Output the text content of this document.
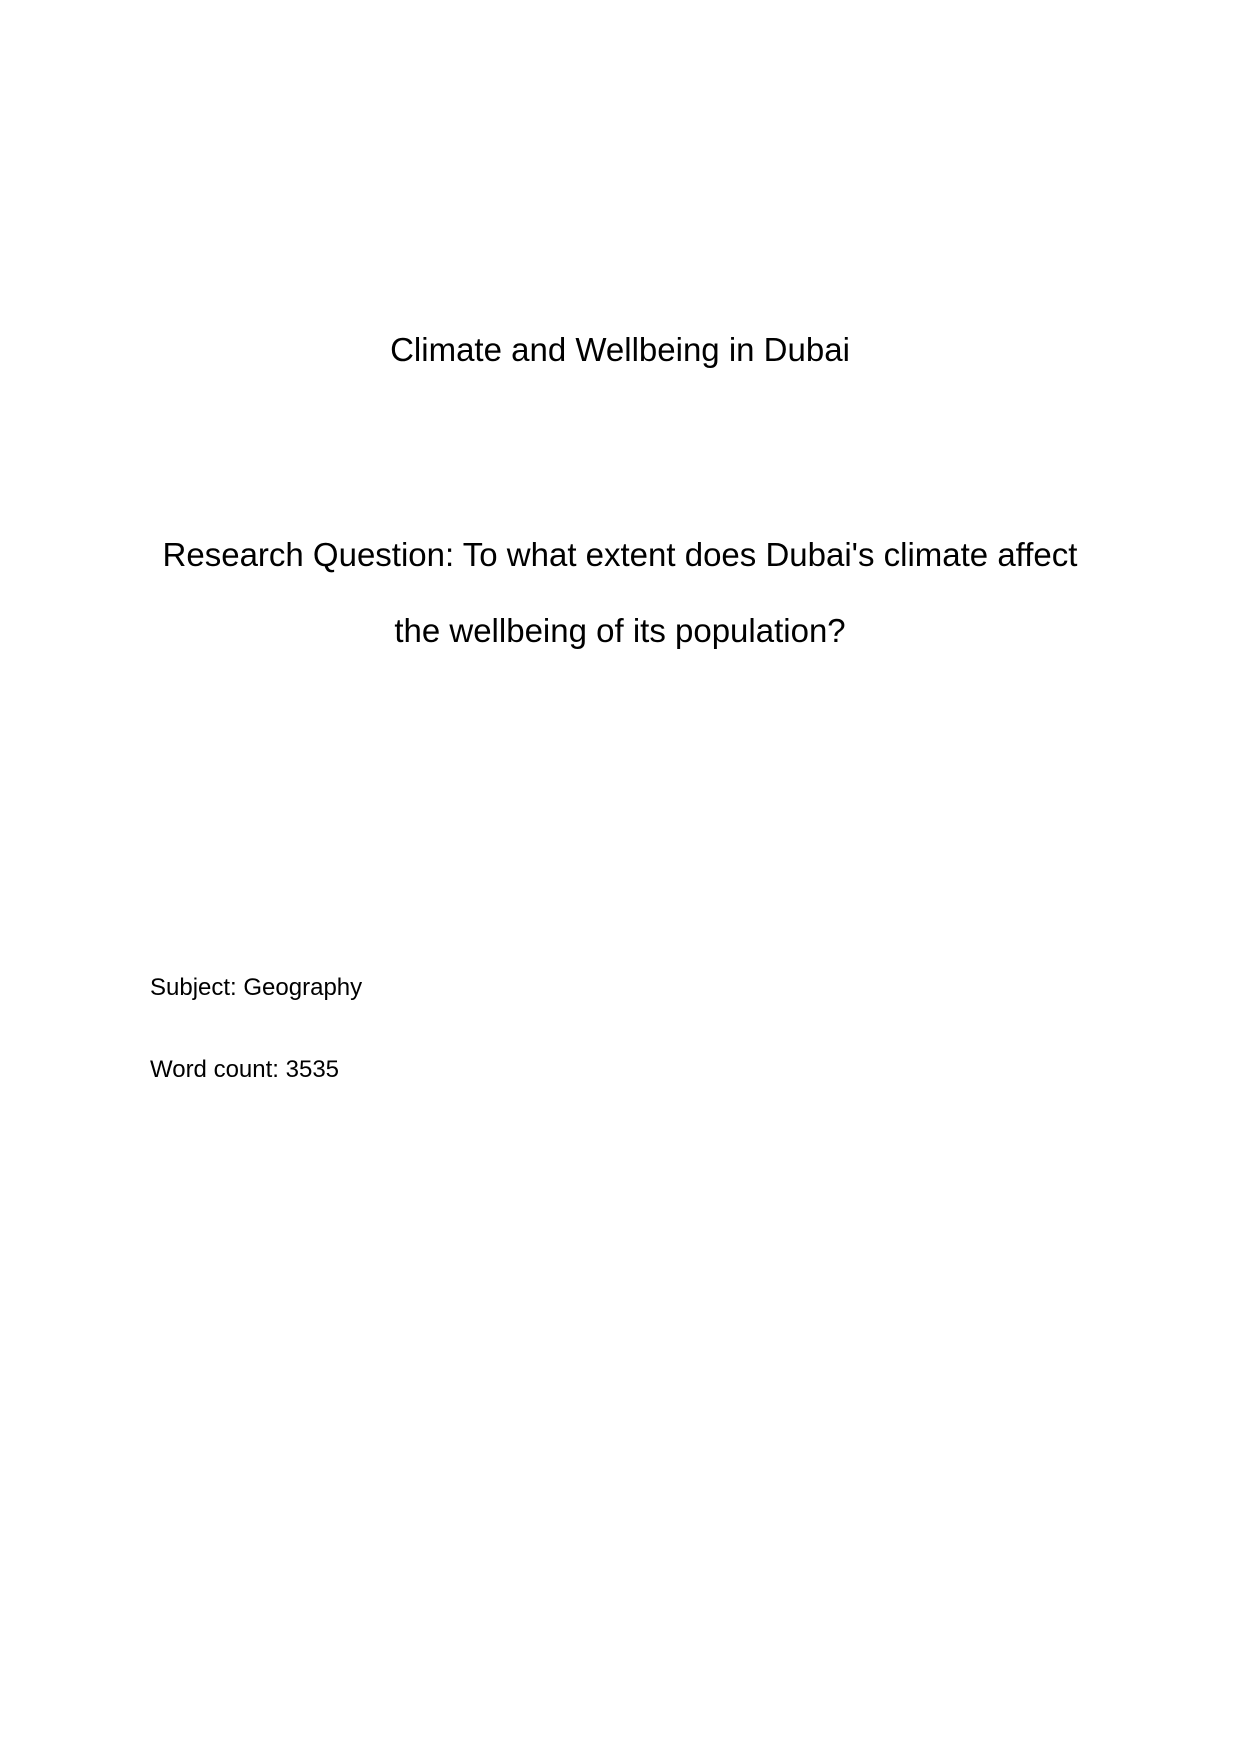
Climate and Wellbeing in Dubai
Research Question: To what extent does Dubai's climate affect
the wellbeing of its population?

Subject: Geography

Word count: 3535
